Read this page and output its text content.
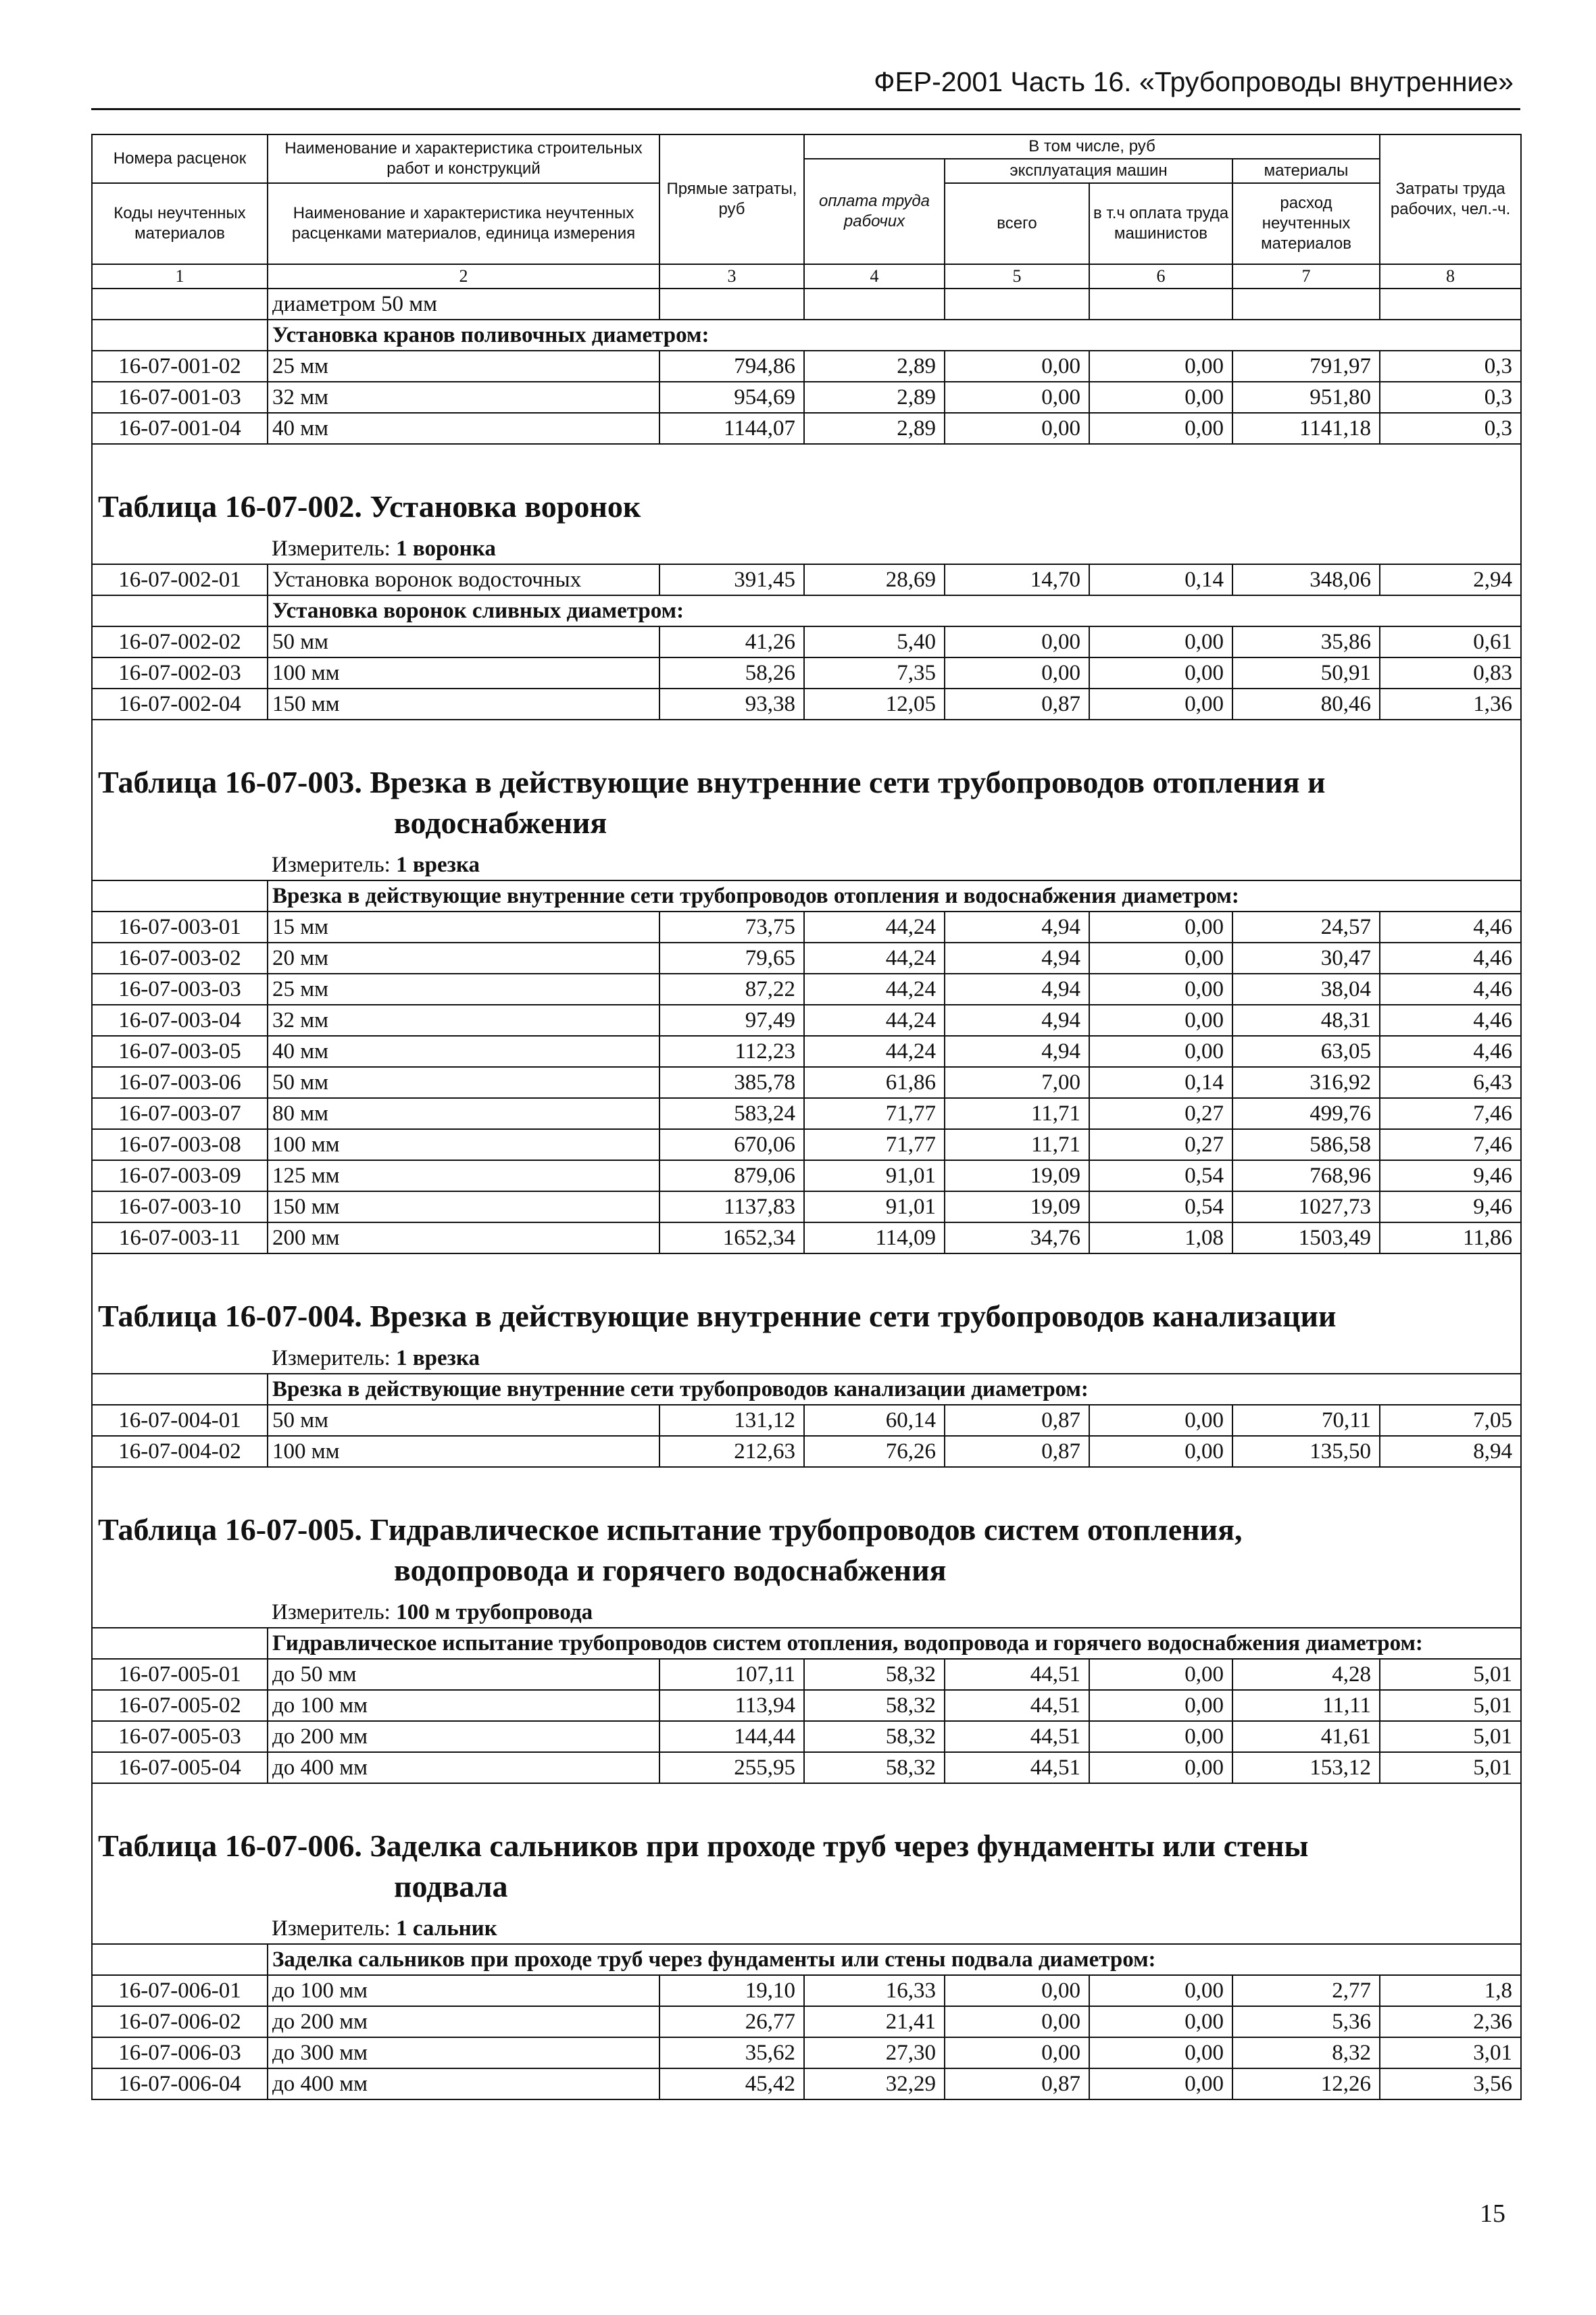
ФЕР-2001 Часть 16. «Трубопроводы внутренние»
Номера расценок	Наименование и характеристика строительных работ и конструкций	Прямые затраты, руб	В том числе, руб				Затраты труда рабочих, чел.-ч.
			оплата труда рабочих	эксплуатация машин		материалы	
Коды неучтенных материалов	Наименование и характеристика неучтенных расценками материалов, единица измерения			всего	в т.ч оплата труда машинистов	расход неучтенных материалов	

1	2	3	4	5	6	7	8
	диаметром 50 мм						
	Установка кранов поливочных диаметром:						
16-07-001-02	25 мм	794,86	2,89	0,00	0,00	791,97	0,3
16-07-001-03	32 мм	954,69	2,89	0,00	0,00	951,80	0,3
16-07-001-04	40 мм	1144,07	2,89	0,00	0,00	1141,18	0,3

Таблица 16-07-002. Установка воронок							

	Измеритель: 1 воронка						
16-07-002-01	Установка воронок водосточных	391,45	28,69	14,70	0,14	348,06	2,94
	Установка воронок сливных диаметром:						
16-07-002-02	50 мм	41,26	5,40	0,00	0,00	35,86	0,61
16-07-002-03	100 мм	58,26	7,35	0,00	0,00	50,91	0,83
16-07-002-04	150 мм	93,38	12,05	0,87	0,00	80,46	1,36

Таблица 16-07-003. Врезка в действующие внутренние сети трубопроводов отопления и
водоснабжения							

	Измеритель: 1 врезка						
	Врезка в действующие внутренние сети трубопроводов отопления и водоснабжения диаметром:						
16-07-003-01	15 мм	73,75	44,24	4,94	0,00	24,57	4,46
16-07-003-02	20 мм	79,65	44,24	4,94	0,00	30,47	4,46
16-07-003-03	25 мм	87,22	44,24	4,94	0,00	38,04	4,46
16-07-003-04	32 мм	97,49	44,24	4,94	0,00	48,31	4,46
16-07-003-05	40 мм	112,23	44,24	4,94	0,00	63,05	4,46
16-07-003-06	50 мм	385,78	61,86	7,00	0,14	316,92	6,43
16-07-003-07	80 мм	583,24	71,77	11,71	0,27	499,76	7,46
16-07-003-08	100 мм	670,06	71,77	11,71	0,27	586,58	7,46
16-07-003-09	125 мм	879,06	91,01	19,09	0,54	768,96	9,46
16-07-003-10	150 мм	1137,83	91,01	19,09	0,54	1027,73	9,46
16-07-003-11	200 мм	1652,34	114,09	34,76	1,08	1503,49	11,86

Таблица 16-07-004. Врезка в действующие внутренние сети трубопроводов канализации							

	Измеритель: 1 врезка						
	Врезка в действующие внутренние сети трубопроводов канализации диаметром:						
16-07-004-01	50 мм	131,12	60,14	0,87	0,00	70,11	7,05
16-07-004-02	100 мм	212,63	76,26	0,87	0,00	135,50	8,94

Таблица 16-07-005. Гидравлическое испытание трубопроводов систем отопления,
водопровода и горячего водоснабжения							

	Измеритель: 100 м трубопровода						
	Гидравлическое испытание трубопроводов систем отопления, водопровода и горячего водоснабжения диаметром:						
16-07-005-01	до 50 мм	107,11	58,32	44,51	0,00	4,28	5,01
16-07-005-02	до 100 мм	113,94	58,32	44,51	0,00	11,11	5,01
16-07-005-03	до 200 мм	144,44	58,32	44,51	0,00	41,61	5,01
16-07-005-04	до 400 мм	255,95	58,32	44,51	0,00	153,12	5,01

Таблица 16-07-006. Заделка сальников при проходе труб через фундаменты или стены
подвала							

	Измеритель: 1 сальник						
	Заделка сальников при проходе труб через фундаменты или стены подвала диаметром:						
16-07-006-01	до 100 мм	19,10	16,33	0,00	0,00	2,77	1,8
16-07-006-02	до 200 мм	26,77	21,41	0,00	0,00	5,36	2,36
16-07-006-03	до 300 мм	35,62	27,30	0,00	0,00	8,32	3,01
16-07-006-04	до 400 мм	45,42	32,29	0,87	0,00	12,26	3,56
15
